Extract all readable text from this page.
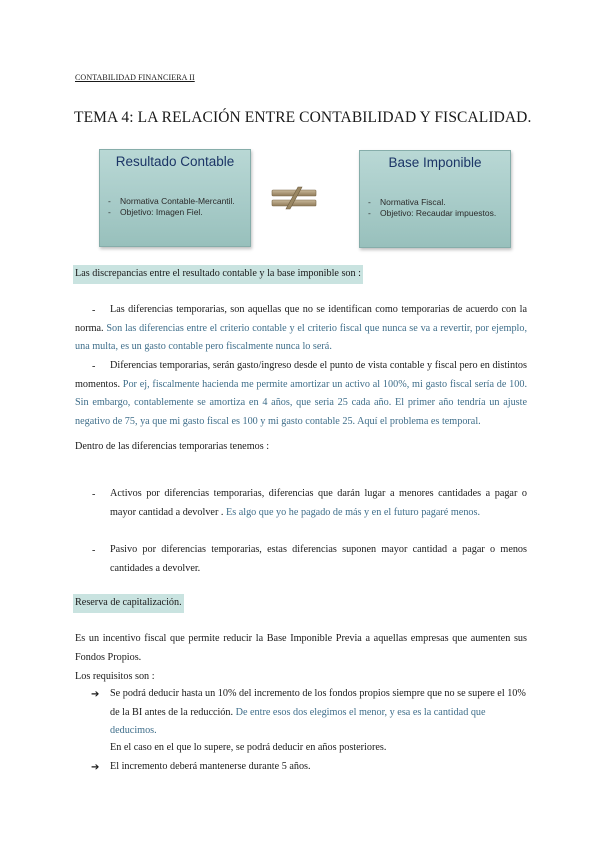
CONTABILIDAD FINANCIERA II
TEMA 4: LA RELACIÓN ENTRE CONTABILIDAD Y FISCALIDAD.
Resultado Contable
-	Normativa Contable-Mercantil.
-	Objetivo: Imagen Fiel.
Base Imponible
-	Normativa Fiscal.
-	Objetivo: Recaudar impuestos.
Las discrepancias entre el resultado contable y la base imponible son :
-	Las diferencias temporarias, son aquellas que no se identifican como temporarias de acuerdo con la norma. Son las diferencias entre el criterio contable y el criterio fiscal que nunca se va a revertir, por ejemplo, una multa, es un gasto contable pero fiscalmente nunca lo será.
-	Diferencias temporarias, serán gasto/ingreso desde el punto de vista contable y fiscal pero en distintos momentos. Por ej, fiscalmente hacienda me permite amortizar un activo al 100%, mi gasto fiscal sería de 100. Sin embargo, contablemente se amortiza en 4 años, que seria 25 cada año. El primer año tendría un ajuste negativo de 75, ya que mi gasto fiscal es 100 y mi gasto contable 25. Aquí el problema es temporal.
Dentro de las diferencias temporarias tenemos :
- Activos por diferencias temporarias, diferencias que darán lugar a menores cantidades a pagar o mayor cantidad a devolver . Es algo que yo he pagado de más y en el futuro pagaré menos.
- Pasivo por diferencias temporarias, estas diferencias suponen mayor cantidad a pagar o menos cantidades a devolver.
Reserva de capitalización.
Es un incentivo fiscal que permite reducir la Base Imponible Previa a aquellas empresas que aumenten sus Fondos Propios.
Los requisitos son :
➔ Se podrá deducir hasta un 10% del incremento de los fondos propios siempre que no se supere el 10% de la BI antes de la reducción. De entre esos dos elegimos el menor, y esa es la cantidad que deducimos.
En el caso en el que lo supere, se podrá deducir en años posteriores.
➔ El incremento deberá mantenerse durante 5 años.
